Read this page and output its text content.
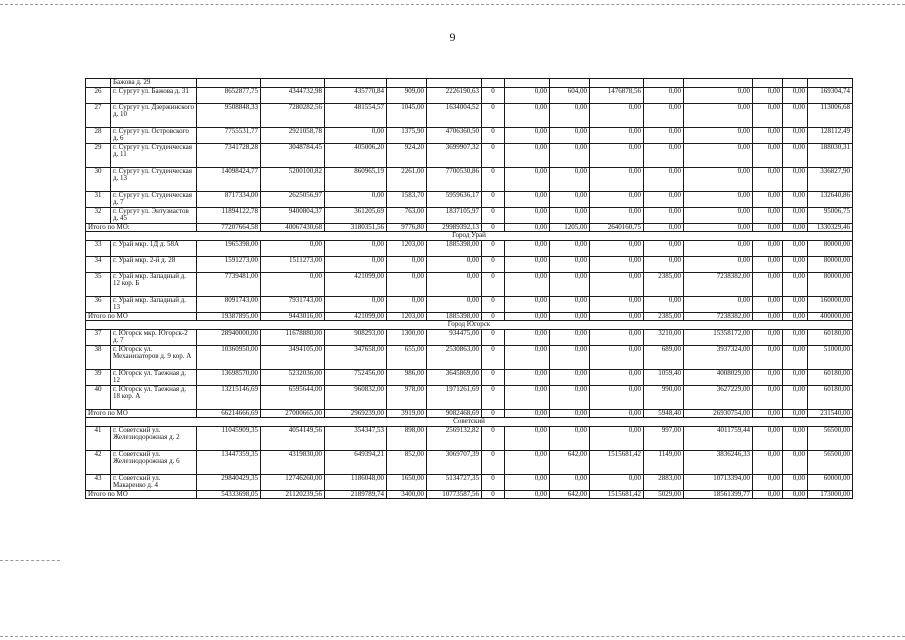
9
	Бажова д. 29														
26	г. Сургут ул. Бажова д. 31	8652877,75	4344732,98	435770,84	909,00	2226190,63	0	0,00	604,00	1476878,56	0,00	0,00	0,00	0,00	169304,74
27	г. Сургут ул. Дзержинского д. 10	9508848,33	7280282,56	481554,57	1045,00	1634004,52	0	0,00	0,00	0,00	0,00	0,00	0,00	0,00	113006,68
28	г. Сургут ул. Островского д. 6	7755531,77	2921058,78	0,00	1375,90	4706360,50	0	0,00	0,00	0,00	0,00	0,00	0,00	0,00	128112,49
29	г. Сургут ул. Студенческая д. 11	7341728,28	3048784,45	405006,20	924,20	3699907,32	0	0,00	0,00	0,00	0,00	0,00	0,00	0,00	188030,31
30	г. Сургут ул. Студенческая д. 13	14098424,77	5200100,82	860965,19	2261,00	7700530,86	0	0,00	0,00	0,00	0,00	0,00	0,00	0,00	336827,90
31	г. Сургут ул. Студенческая д. 7	8717334,00	2625056,97	0,00	1583,70	5959636,17	0	0,00	0,00	0,00	0,00	0,00	0,00	0,00	132640,86
32	г. Сургут ул. Энтузиастов д. 45	11894122,78	9400804,37	361205,69	763,00	1837105,97	0	0,00	0,00	0,00	0,00	0,00	0,00	0,00	95006,75
Итого по МО:		77207664,58	40067430,68	3180351,56	9776,80	29989392,13	0	0,00	1205,00	2640160,75	0,00	0,00	0,00	0,00	1330329,46
Город Урай															
33	г. Урай мкр. 1Д д. 58А	1965398,00	0,00	0,00	1203,00	1885398,00	0	0,00	0,00	0,00	0,00	0,00	0,00	0,00	80000,00
34	г. Урай мкр. 2-й д. 28	1591273,00	1511273,00	0,00	0,00	0,00	0	0,00	0,00	0,00	0,00	0,00	0,00	0,00	80000,00
35	г. Урай мкр. Западный д. 12 кор. Б	7739481,00	0,00	421099,00	0,00	0,00	0	0,00	0,00	0,00	2385,00	7238382,00	0,00	0,00	80000,00
36	г. Урай мкр. Западный д. 13	8091743,00	7931743,00	0,00	0,00	0,00	0	0,00	0,00	0,00	0,00	0,00	0,00	0,00	160000,00
Итого по МО		19387895,00	9443016,00	421099,00	1203,00	1885398,00	0	0,00	0,00	0,00	2385,00	7238382,00	0,00	0,00	400000,00
Город Югорск															
37	г. Югорск мкр. Югорск-2 д. 7	28940000,00	11678880,00	908293,00	1300,00	934475,00	0	0,00	0,00	0,00	3210,00	15358172,00	0,00	0,00	60180,00
38	г. Югорск ул. Механизаторов д. 9 кор. А	10360950,00	3494105,00	347658,00	655,00	2530863,00	0	0,00	0,00	0,00	689,00	3937324,00	0,00	0,00	51000,00
39	г. Югорск ул. Таежная д. 12	13698570,00	5232036,00	752456,00	986,00	3645869,00	0	0,00	0,00	0,00	1059,40	4008029,00	0,00	0,00	60180,00
40	г. Югорск ул. Таежная д. 18 кор. А	13215146,69	6595644,00	960832,00	978,00	1971261,69	0	0,00	0,00	0,00	990,00	3627229,00	0,00	0,00	60180,00
Итого по МО		66214666,69	27000665,00	2969239,00	3919,00	9082468,69	0	0,00	0,00	0,00	5948,40	26930754,00	0,00	0,00	231540,00
Советский															
41	г. Советский ул. Железнодорожная д. 2	11045909,35	4054149,56	354347,53	898,00	2569132,82	0	0,00	0,00	0,00	997,00	4011759,44	0,00	0,00	56500,00
42	г. Советский ул. Железнодорожная д. 6	13447359,35	4319830,00	649394,21	852,00	3069707,39	0	0,00	642,00	1515681,42	1149,00	3836246,33	0,00	0,00	56500,00
43	г. Советский ул. Макаренко д. 4	29840429,35	12746260,00	1186048,00	1650,00	5134727,35	0	0,00	0,00	0,00	2883,00	10713394,00	0,00	0,00	60000,00
Итого по МО		54333698,05	21120239,56	2189789,74	3400,00	10773587,56	0	0,00	642,00	1515681,42	5029,00	18561399,77	0,00	0,00	173000,00
